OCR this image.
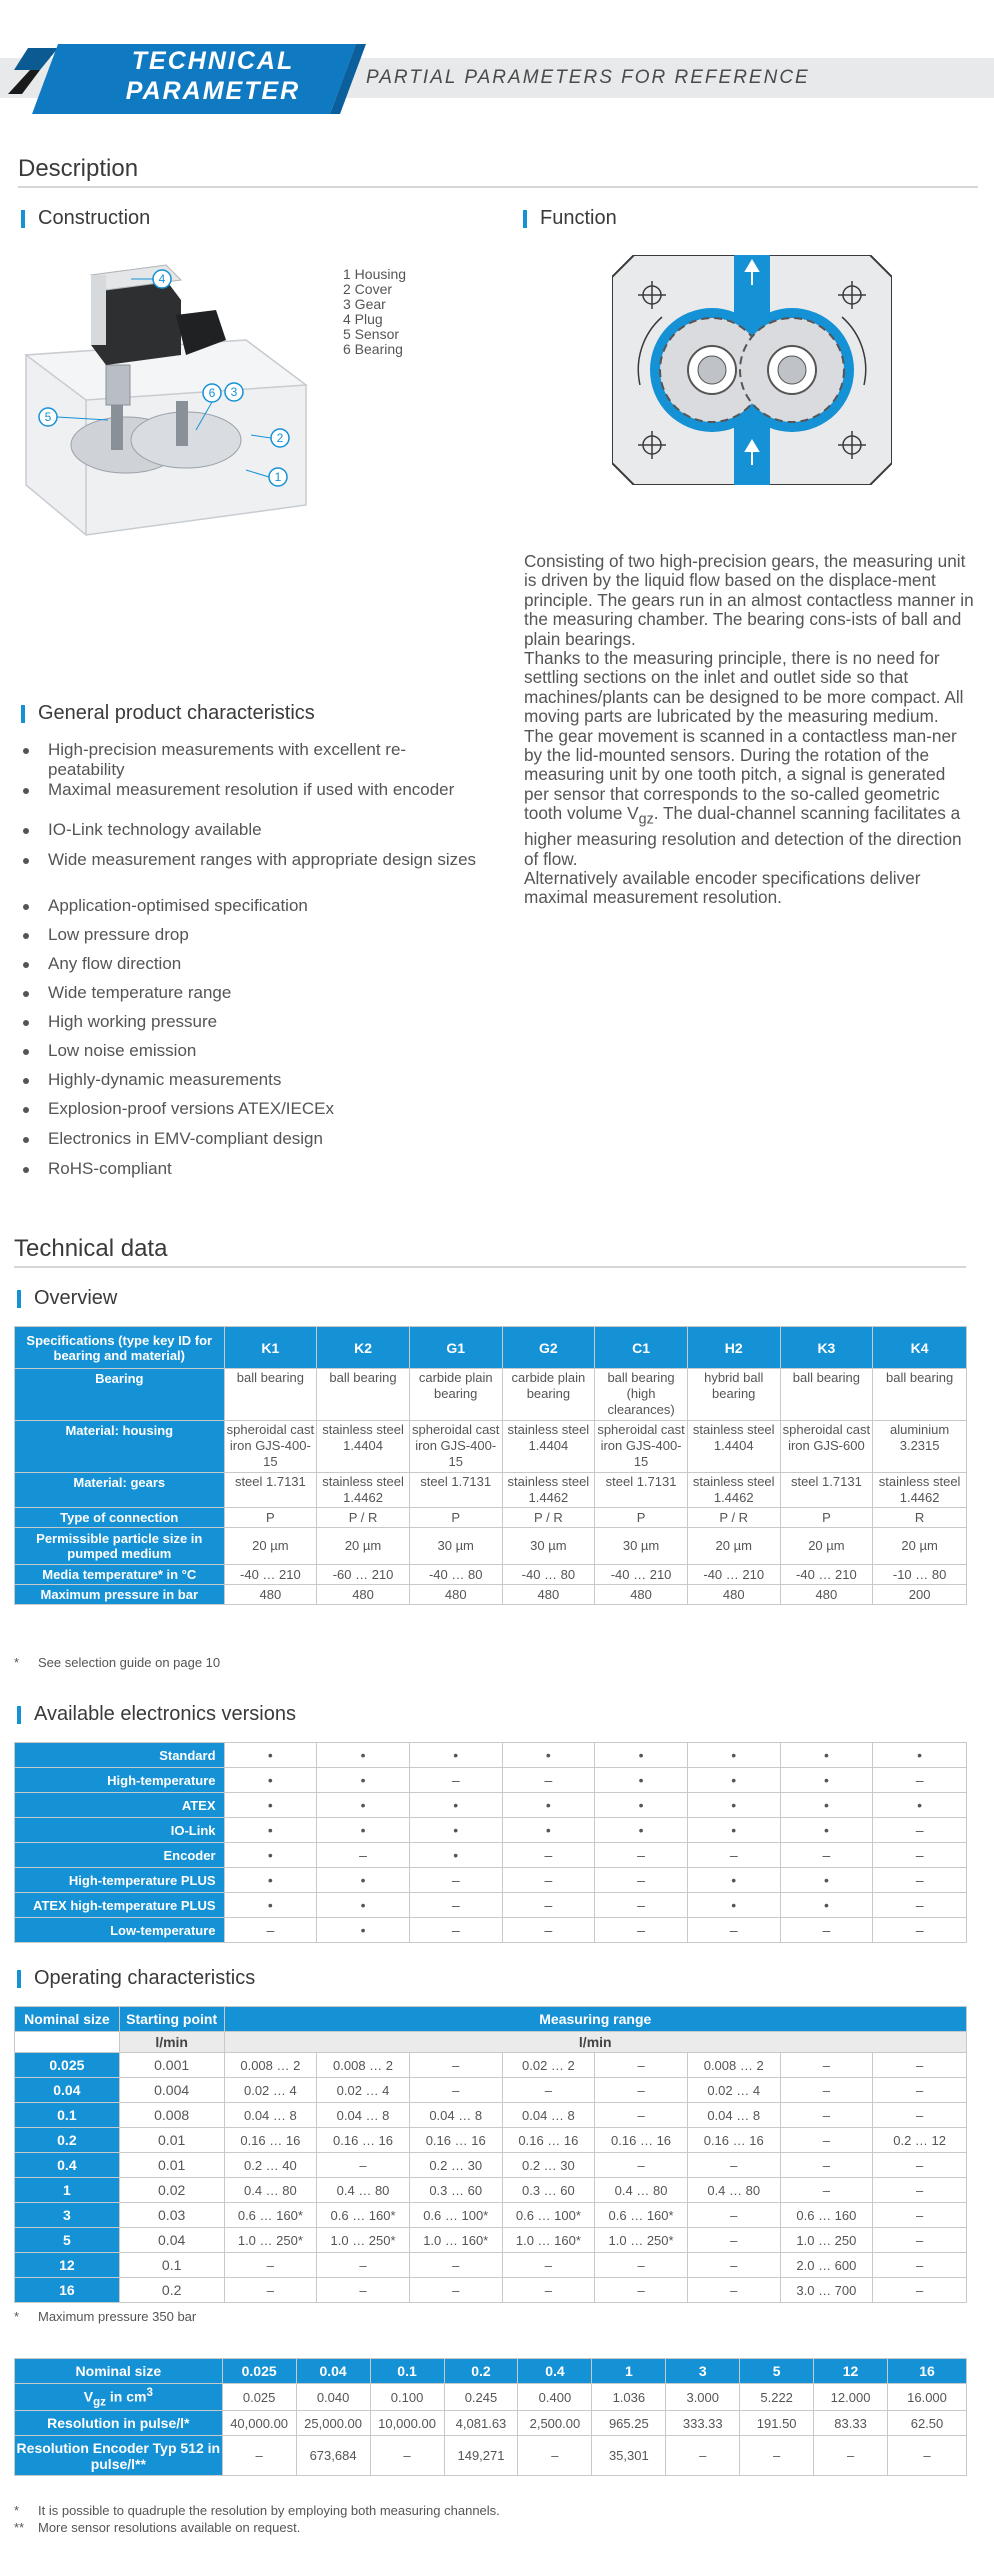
TECHNICAL
PARAMETER	PARTIAL PARAMETERS FOR REFERENCE
Description
Construction	Function
4
5
6 3
2
1
1 Housing
2 Cover
3 Gear
4 Plug
5 Sensor
6 Bearing

Consisting of two high-precision gears, the measuring unit is driven by the liquid flow based on the displace-ment principle. The gears run in an almost contactless manner in the measuring chamber. The bearing cons-ists of ball and plain bearings.

Thanks to the measuring principle, there is no need for settling sections on the inlet and outlet side so that machines/plants can be designed to be more compact. All moving parts are lubricated by the measuring medium.

The gear movement is scanned in a contactless man-ner by the lid-mounted sensors. During the rotation of the measuring unit by one tooth pitch, a signal is generated per sensor that corresponds to the so-called geometric tooth volume $V_{gz}$. The dual-channel scanning facilitates a higher measuring resolution and detection of the direction of flow.

Alternatively available encoder specifications deliver maximal measurement resolution.

General product characteristics
High-precision measurements with excellent re-peatability
Maximal measurement resolution if used with encoder
IO-Link technology available
Wide measurement ranges with appropriate design sizes
Application-optimised specification
Low pressure drop
Any flow direction
Wide temperature range
High working pressure
Low noise emission
Highly-dynamic measurements
Explosion-proof versions ATEX/IECEx
Electronics in EMV-compliant design
RoHS-compliant
Technical data
Overview
Specifications (type key ID for bearing and material)	K1	K2	G1	G2	C1	H2	K3	K4
Bearing	ball bearing	ball bearing	carbide plain bearing	carbide plain bearing	ball bearing (high clearances)	hybrid ball bearing	ball bearing	ball bearing
Material: housing	spheroidal cast iron GJS-400-15	stainless steel 1.4404	spheroidal cast iron GJS-400-15	stainless steel 1.4404	spheroidal cast iron GJS-400-15	stainless steel 1.4404	spheroidal cast iron GJS-600	aluminium 3.2315
Material: gears	steel 1.7131	stainless steel 1.4462	steel 1.7131	stainless steel 1.4462	steel 1.7131	stainless steel 1.4462	steel 1.7131	stainless steel 1.4462
Type of connection	P	P / R	P	P / R	P	P / R	P	R
Permissible particle size in pumped medium	20 µm	20 µm	30 µm	30 µm	30 µm	20 µm	20 µm	20 µm
Media temperature* in °C	-40 … 210	-60 … 210	-40 … 80	-40 … 80	-40 … 210	-40 … 210	-40 … 210	-10 … 80
Maximum pressure in bar	480	480	480	480	480	480	480	200
* See selection guide on page 10
Available electronics versions
Standard	•	•	•	•	•	•	•	•
High-temperature	•	•	–	–	•	•	•	–
ATEX	•	•	•	•	•	•	•	•
IO-Link	•	•	•	•	•	•	•	–
Encoder	•	–	•	–	–	–	–	–
High-temperature PLUS	•	•	–	–	–	•	•	–
ATEX high-temperature PLUS	•	•	–	–	–	•	•	–
Low-temperature	–	•	–	–	–	–	–	–
Operating characteristics
Nominal size	Starting point	Measuring range							
	l/min	l/min							
0.025	0.001	0.008 … 2	0.008 … 2	–	0.02 … 2	–	0.008 … 2	–	–
0.04	0.004	0.02 … 4	0.02 … 4	–	–	–	0.02 … 4	–	–
0.1	0.008	0.04 … 8	0.04 … 8	0.04 … 8	0.04 … 8	–	0.04 … 8	–	–
0.2	0.01	0.16 … 16	0.16 … 16	0.16 … 16	0.16 … 16	0.16 … 16	0.16 … 16	–	0.2 … 12
0.4	0.01	0.2 … 40	–	0.2 … 30	0.2 … 30	–	–	–	–
1	0.02	0.4 … 80	0.4 … 80	0.3 … 60	0.3 … 60	0.4 … 80	0.4 … 80	–	–
3	0.03	0.6 … 160*	0.6 … 160*	0.6 … 100*	0.6 … 100*	0.6 … 160*	–	0.6 … 160	–
5	0.04	1.0 … 250*	1.0 … 250*	1.0 … 160*	1.0 … 160*	1.0 … 250*	–	1.0 … 250	–
12	0.1	–	–	–	–	–	–	2.0 … 600	–
16	0.2	–	–	–	–	–	–	3.0 … 700	–
* Maximum pressure 350 bar
Nominal size	0.025	0.04	0.1	0.2	0.4	1	3	5	12	16
$V_{gz}$ in $cm^3$	0.025	0.040	0.100	0.245	0.400	1.036	3.000	5.222	12.000	16.000
Resolution in pulse/l*	40,000.00	25,000.00	10,000.00	4,081.63	2,500.00	965.25	333.33	191.50	83.33	62.50
Resolution Encoder Typ 512 in pulse/l**	–	673,684	–	149,271	–	35,301	–	–	–	–
* It is possible to quadruple the resolution by employing both measuring channels.
** More sensor resolutions available on request.
